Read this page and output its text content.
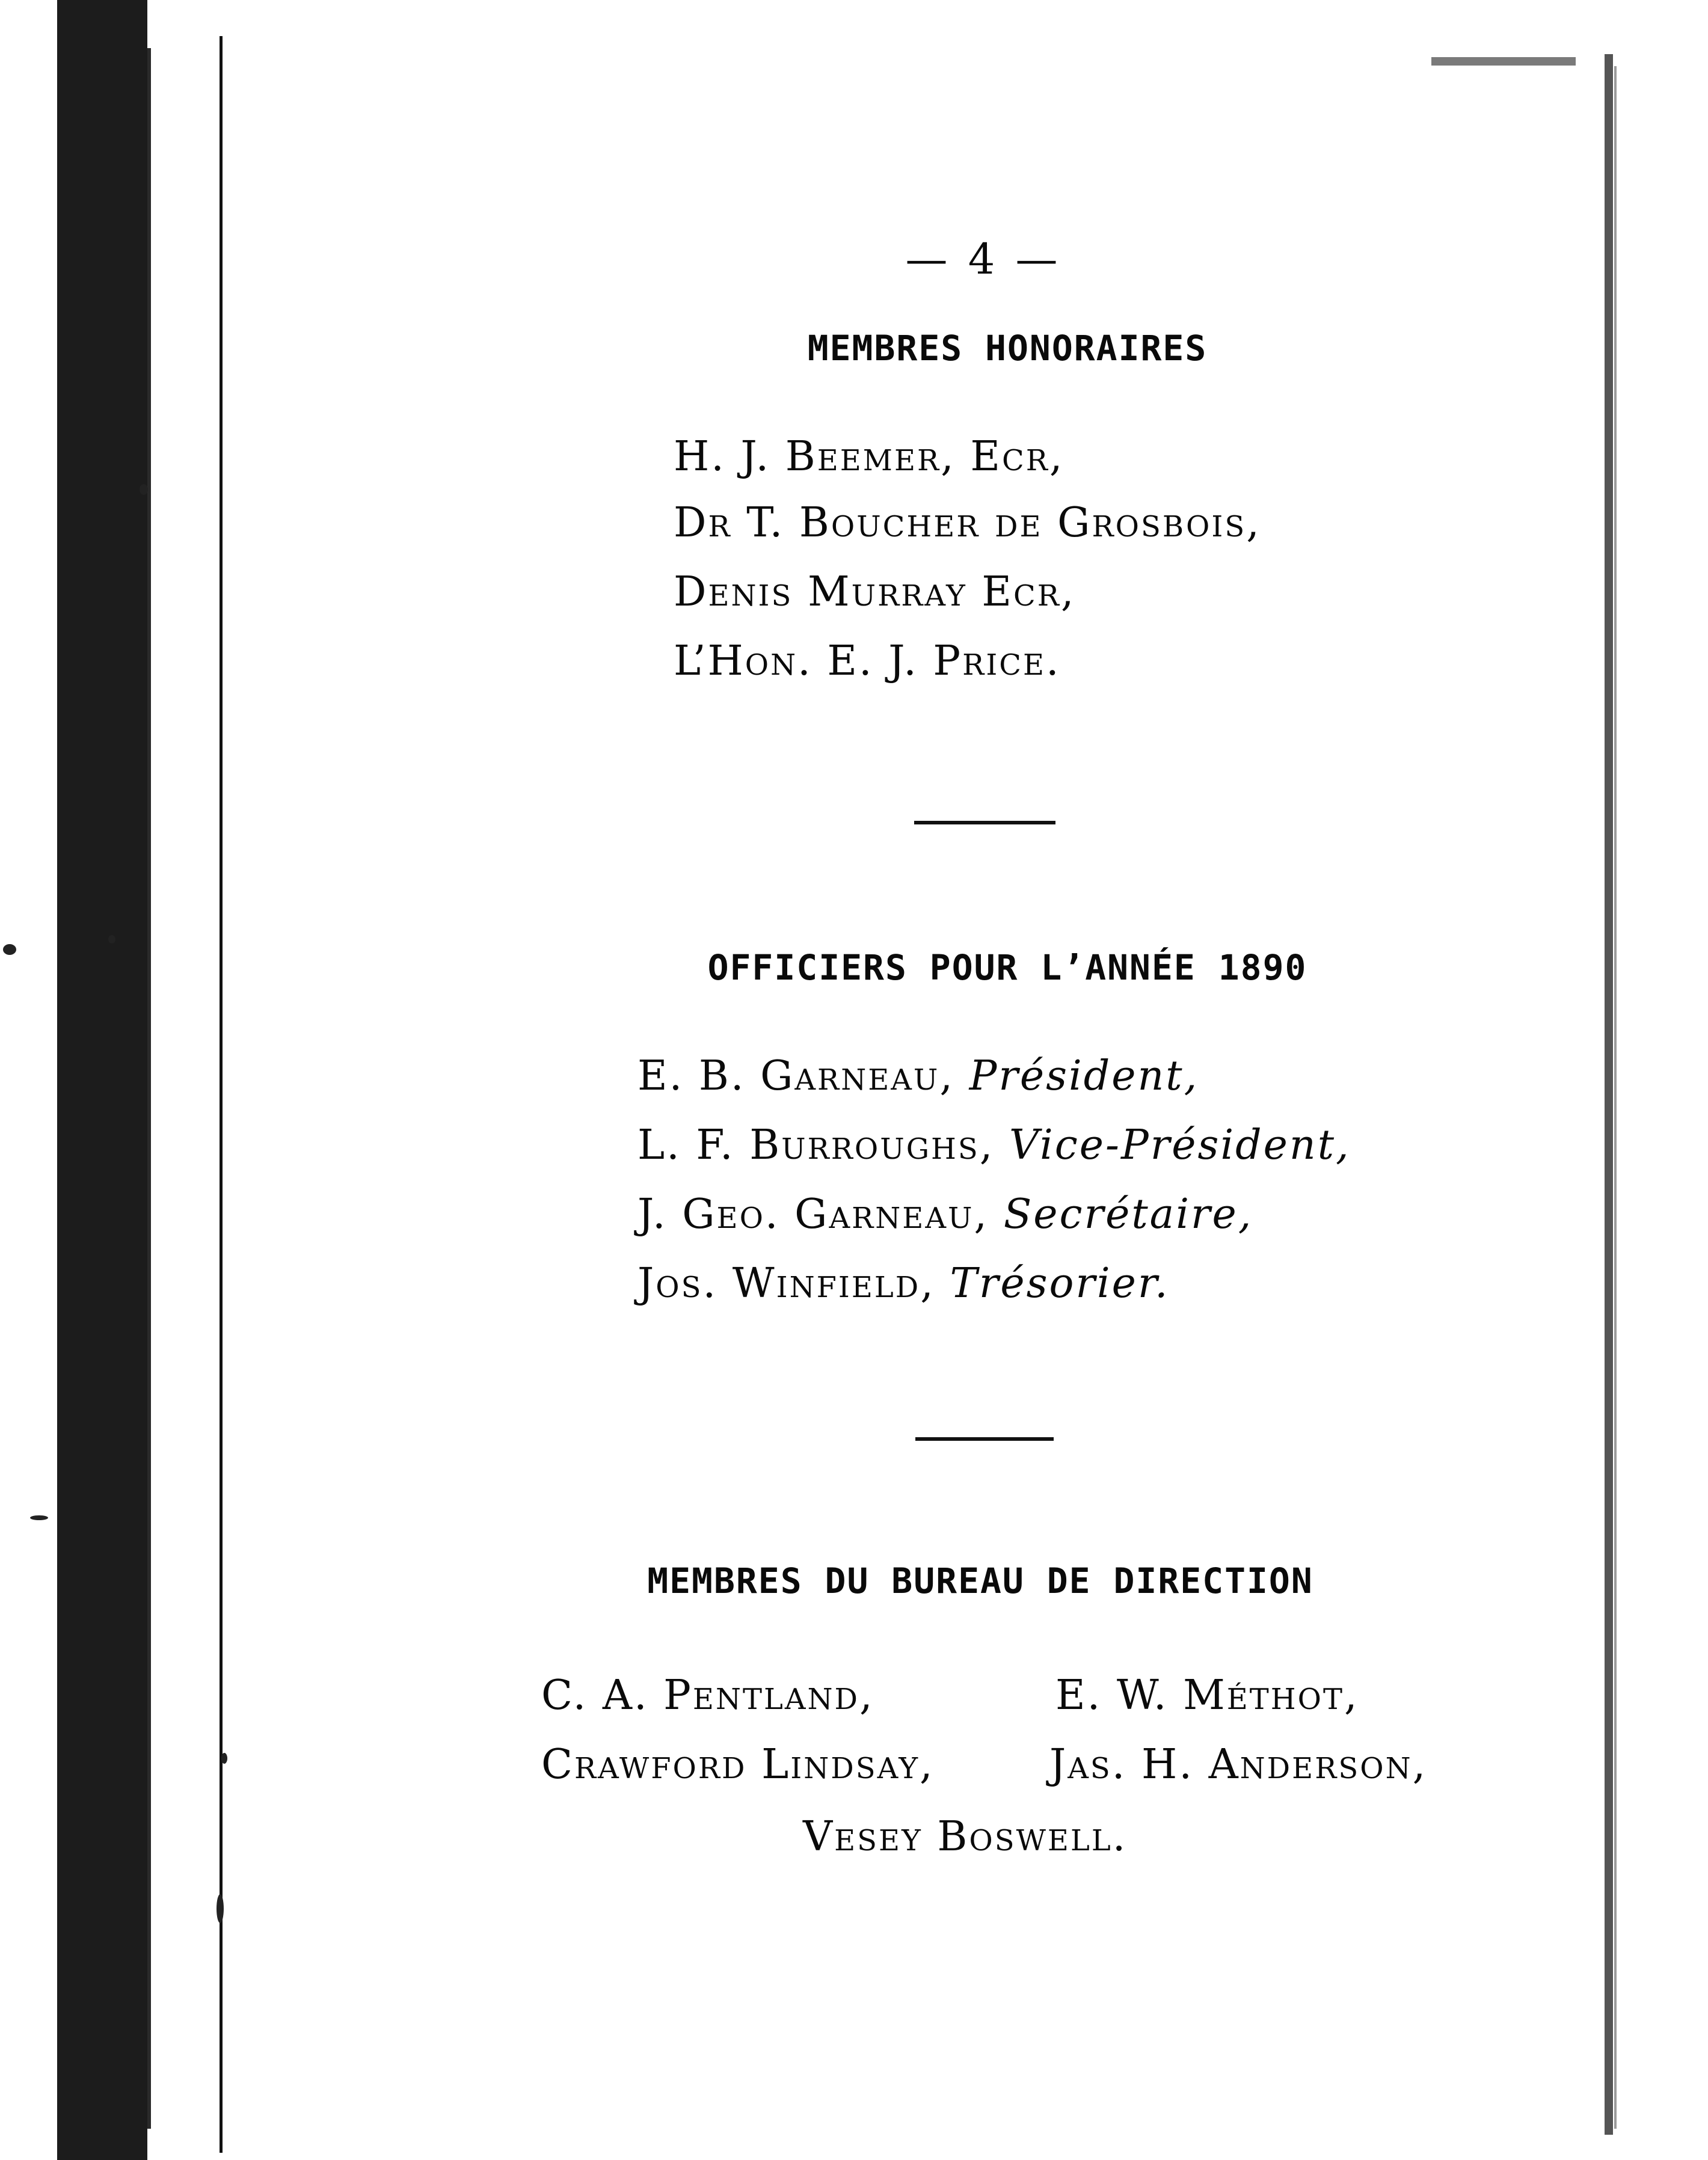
— 4 —
MEMBRES HONORAIRES
H. J. Beemer, Ecr,
Dr T. Boucher de Grosbois,
Denis Murray Ecr,
L’Hon. E. J. Price.
OFFICIERS POUR L’ANNÉE 1890
E. B. Garneau, Président,
L. F. Burroughs, Vice-Président,
J. Geo. Garneau, Secrétaire,
Jos. Winfield, Trésorier.
MEMBRES DU BUREAU DE DIRECTION
C. A. Pentland,	E. W. Méthot,
Crawford Lindsay,	Jas. H. Anderson,
Vesey Boswell.
